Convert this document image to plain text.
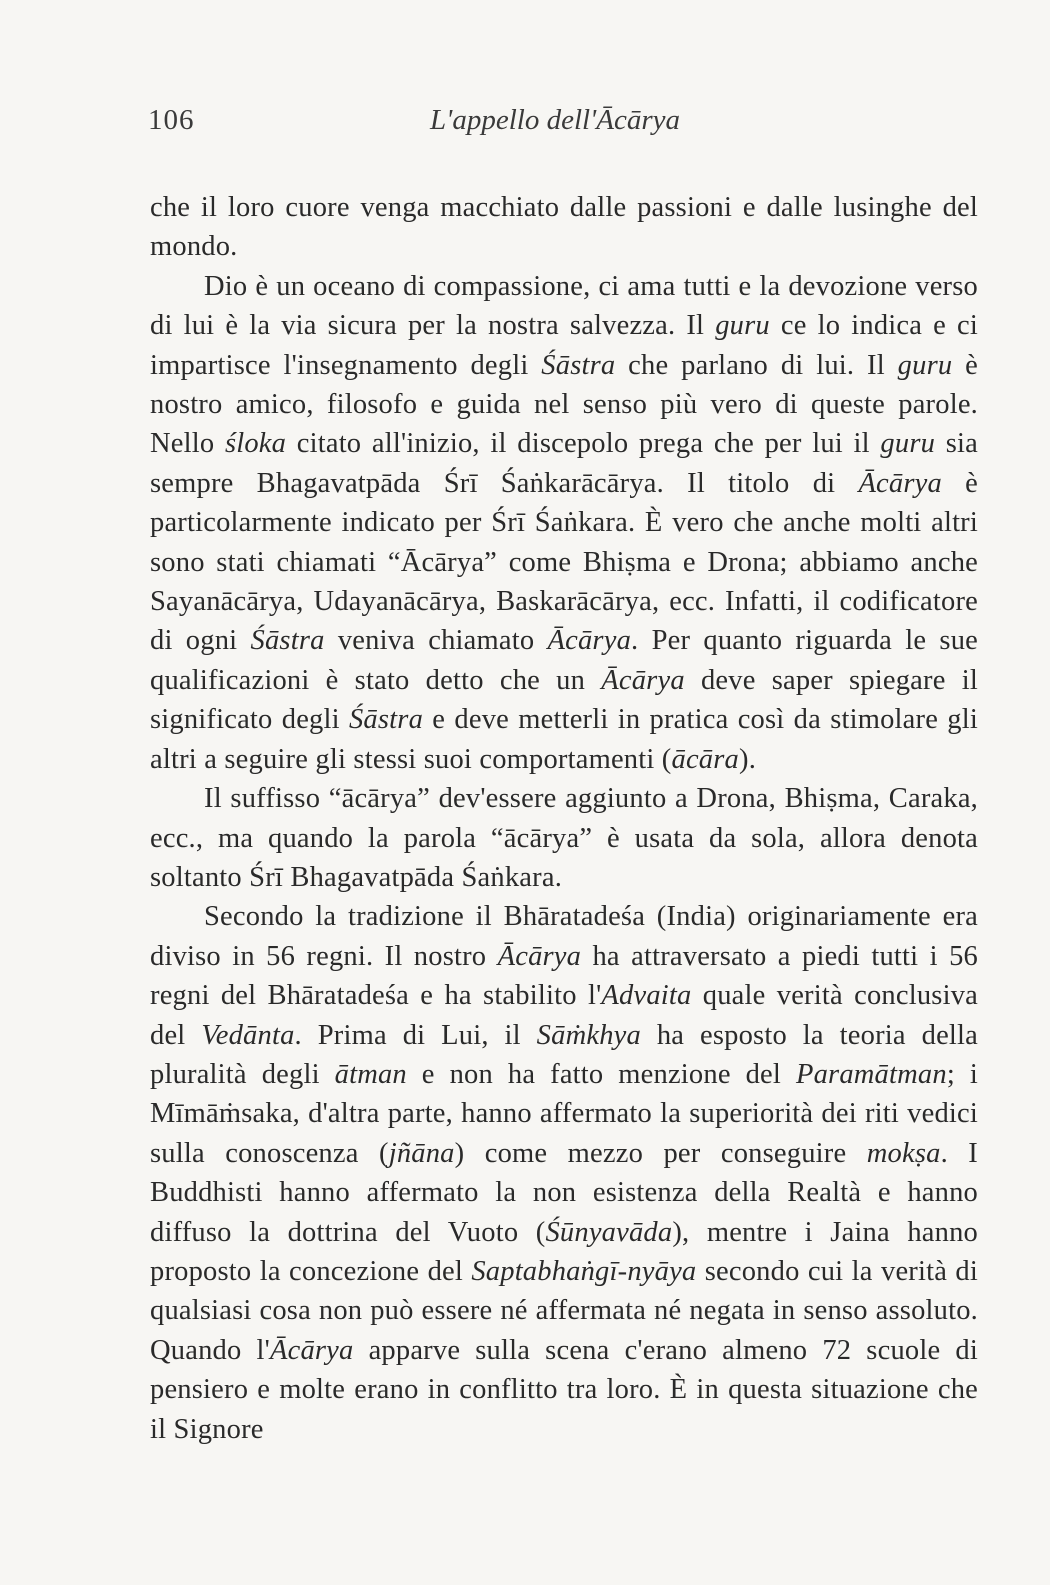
106	L'appello dell'Ācārya

che il loro cuore venga macchiato dalle passioni e dalle lusinghe del mondo.

Dio è un oceano di compassione, ci ama tutti e la devozione verso di lui è la via sicura per la nostra salvezza. Il guru ce lo indica e ci impartisce l'insegnamento degli Śāstra che parlano di lui. Il guru è nostro amico, filosofo e guida nel senso più vero di queste parole. Nello śloka citato all'inizio, il discepolo prega che per lui il guru sia sempre Bhagavatpāda Śrī Śaṅkarācārya. Il titolo di Ācārya è particolarmente indicato per Śrī Śaṅkara. È vero che anche molti altri sono stati chiamati “Ācārya” come Bhiṣma e Drona; abbiamo anche Sayanācārya, Udayanācārya, Baskarācārya, ecc. Infatti, il codificatore di ogni Śāstra veniva chiamato Ācārya. Per quanto riguarda le sue qualificazioni è stato detto che un Ācārya deve saper spiegare il significato degli Śāstra e deve metterli in pratica così da stimolare gli altri a seguire gli stessi suoi comportamenti (ācāra).

Il suffisso “ācārya” dev'essere aggiunto a Drona, Bhiṣma, Caraka, ecc., ma quando la parola “ācārya” è usata da sola, allora denota soltanto Śrī Bhagavatpāda Śaṅkara.

Secondo la tradizione il Bhāratadeśa (India) originariamente era diviso in 56 regni. Il nostro Ācārya ha attraversato a piedi tutti i 56 regni del Bhāratadeśa e ha stabilito l'Advaita quale verità conclusiva del Vedānta. Prima di Lui, il Sāṁkhya ha esposto la teoria della pluralità degli ātman e non ha fatto menzione del Paramātman; i Mīmāṁsaka, d'altra parte, hanno affermato la superiorità dei riti vedici sulla conoscenza (jñāna) come mezzo per conseguire mokṣa. I Buddhisti hanno affermato la non esistenza della Realtà e hanno diffuso la dottrina del Vuoto (Śūnyavāda), mentre i Jaina hanno proposto la concezione del Saptabhaṅgī-nyāya secondo cui la verità di qualsiasi cosa non può essere né affermata né negata in senso assoluto. Quando l'Ācārya apparve sulla scena c'erano almeno 72 scuole di pensiero e molte erano in conflitto tra loro. È in questa situazione che il Signore
